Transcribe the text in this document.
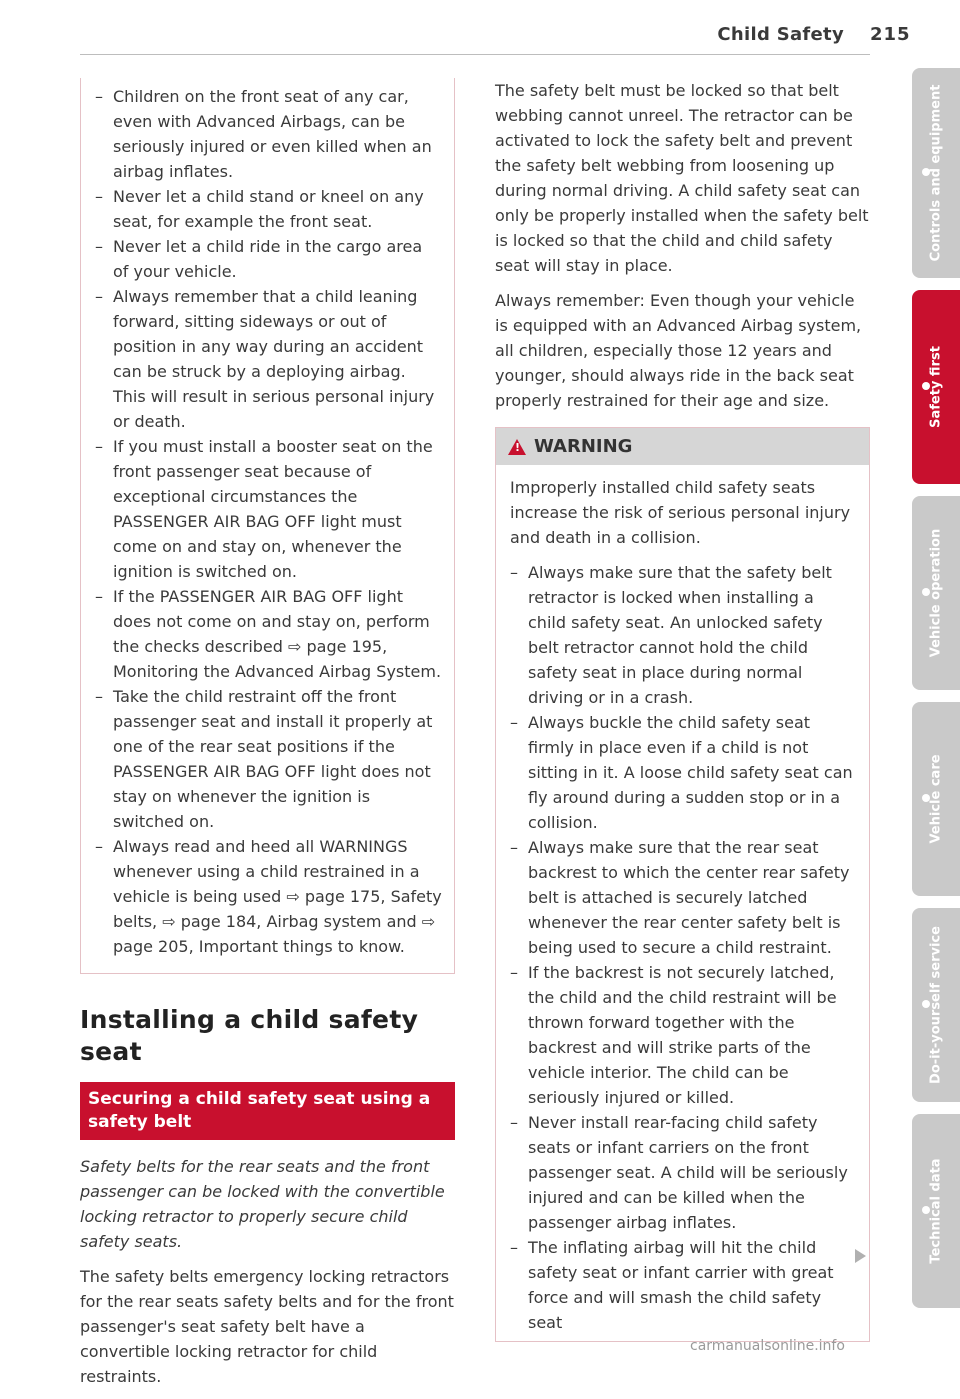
Child Safety 215
– Children on the front seat of any car, even with Advanced Airbags, can be seriously injured or even killed when an airbag inflates.
– Never let a child stand or kneel on any seat, for example the front seat.
– Never let a child ride in the cargo area of your vehicle.
– Always remember that a child leaning forward, sitting sideways or out of position in any way during an accident can be struck by a deploying airbag. This will result in serious personal injury or death.
– If you must install a booster seat on the front passenger seat because of exceptional circumstances the PASSENGER AIR BAG OFF light must come on and stay on, whenever the ignition is switched on.
– If the PASSENGER AIR BAG OFF light does not come on and stay on, perform the checks described ⇨ page 195, Monitoring the Advanced Airbag System.
– Take the child restraint off the front passenger seat and install it properly at one of the rear seat positions if the PASSENGER AIR BAG OFF light does not stay on whenever the ignition is switched on.
– Always read and heed all WARNINGS whenever using a child restrained in a vehicle is being used ⇨ page 175, Safety belts, ⇨ page 184, Airbag system and ⇨ page 205, Important things to know.
Installing a child safety seat
Securing a child safety seat using a safety belt

Safety belts for the rear seats and the front passenger can be locked with the convertible locking retractor to properly secure child safety seats.

The safety belts emergency locking retractors for the rear seats safety belts and for the front passenger's seat safety belt have a convertible locking retractor for child restraints.

The safety belt must be locked so that belt webbing cannot unreel. The retractor can be activated to lock the safety belt and prevent the safety belt webbing from loosening up during normal driving. A child safety seat can only be properly installed when the safety belt is locked so that the child and child safety seat will stay in place.

Always remember: Even though your vehicle is equipped with an Advanced Airbag system, all children, especially those 12 years and younger, should always ride in the back seat properly restrained for their age and size.

!
WARNING

Improperly installed child safety seats increase the risk of serious personal injury and death in a collision.

– Always make sure that the safety belt retractor is locked when installing a child safety seat. An unlocked safety belt retractor cannot hold the child safety seat in place during normal driving or in a crash.
– Always buckle the child safety seat firmly in place even if a child is not sitting in it. A loose child safety seat can fly around during a sudden stop or in a collision.
– Always make sure that the rear seat backrest to which the center rear safety belt is attached is securely latched whenever the rear center safety belt is being used to secure a child restraint.
– If the backrest is not securely latched, the child and the child restraint will be thrown forward together with the backrest and will strike parts of the vehicle interior. The child can be seriously injured or killed.
– Never install rear-facing child safety seats or infant carriers on the front passenger seat. A child will be seriously injured and can be killed when the passenger airbag inflates.
– The inflating airbag will hit the child safety seat or infant carrier with great force and will smash the child safety seat
Controls and equipment
Safety first
Vehicle operation
Vehicle care
Do-it-yourself service
Technical data
carmanualsonline.info
